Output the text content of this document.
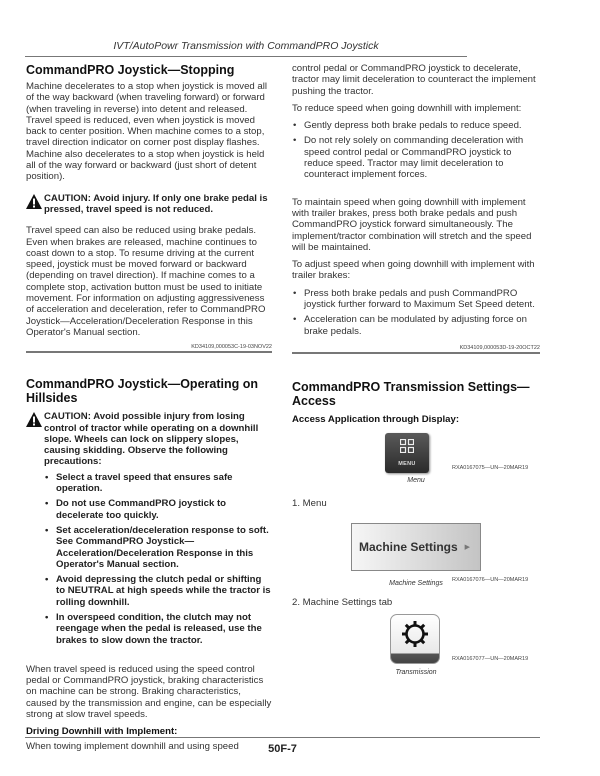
IVT/AutoPowr Transmission with CommandPRO Joystick
CommandPRO Joystick—Stopping

Machine decelerates to a stop when joystick is moved all of the way backward (when traveling forward) or forward (when traveling in reverse) into detent and released. Travel speed is reduced, even when joystick is moved back to center position. When machine comes to a stop, travel direction indicator on corner post display flashes. Machine also decelerates to a stop when joystick is held all of the way forward or backward (just short of detent position).

CAUTION: Avoid injury. If only one brake pedal is pressed, travel speed is not reduced.

Travel speed can also be reduced using brake pedals. Even when brakes are released, machine continues to coast down to a stop. To resume driving at the current speed, joystick must be moved forward or backward (depending on travel direction). If machine comes to a complete stop, activation button must be used to initiate movement. For information on adjusting aggressiveness of acceleration and deceleration, refer to CommandPRO Joystick—Acceleration/Deceleration Response in this Operator's Manual section.

KD34109,000053C-19-03NOV22
CommandPRO Joystick—Operating on Hillsides
CAUTION: Avoid possible injury from losing control of tractor while operating on a downhill slope. Wheels can lock on slippery slopes, causing skidding. Observe the following precautions:
• Select a travel speed that ensures safe operation.
• Do not use CommandPRO joystick to decelerate too quickly.
• Set acceleration/deceleration response to soft. See CommandPRO Joystick—Acceleration/Deceleration Response in this Operator's Manual section.
• Avoid depressing the clutch pedal or shifting to NEUTRAL at high speeds while the tractor is rolling downhill.
• In overspeed condition, the clutch may not reengage when the pedal is released, use the brakes to slow down the tractor.

When travel speed is reduced using the speed control pedal or CommandPRO joystick, braking characteristics on machine can be strong. Braking characteristics, caused by the transmission and engine, can be especially strong at slow travel speeds.

Driving Downhill with Implement:

When towing implement downhill and using speed

control pedal or CommandPRO joystick to decelerate, tractor may limit deceleration to counteract the implement pushing the tractor.

To reduce speed when going downhill with implement:

• Gently depress both brake pedals to reduce speed.
• Do not rely solely on commanding deceleration with speed control pedal or CommandPRO joystick to reduce speed. Tractor may limit deceleration to counteract implement forces.

To maintain speed when going downhill with implement with trailer brakes, press both brake pedals and push CommandPRO joystick forward simultaneously. The implement/tractor combination will stretch and the speed will be maintained.

To adjust speed when going downhill with implement with trailer brakes:

• Press both brake pedals and push CommandPRO joystick further forward to Maximum Set Speed detent.
• Acceleration can be modulated by adjusting force on brake pedals.
KD34109,000053D-19-20OCT22
CommandPRO Transmission Settings—Access
Access Application through Display:
MENU
RXA0167075—UN—20MAR19
Menu
1. Menu
Machine Settings ▶
RXA0167076—UN—20MAR19
Machine Settings
2. Machine Settings tab
RXA0167077—UN—20MAR19
Transmission
50F-7
